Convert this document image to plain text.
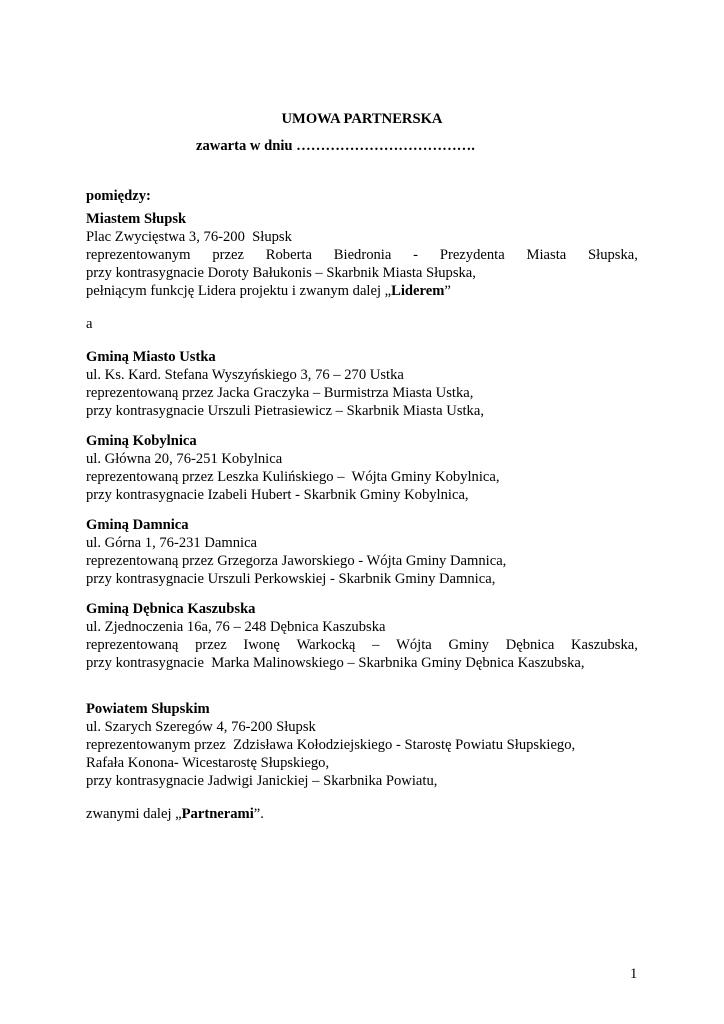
UMOWA PARTNERSKA
zawarta w dniu ……………………………….
pomiędzy:
Miastem Słupsk
Plac Zwycięstwa 3, 76-200  Słupsk
reprezentowanym przez Roberta Biedronia - Prezydenta Miasta Słupska,
przy kontrasygnacie Doroty Bałukonis – Skarbnik Miasta Słupska,
pełniącym funkcję Lidera projektu i zwanym dalej „Liderem”
a
Gminą Miasto Ustka
ul. Ks. Kard. Stefana Wyszyńskiego 3, 76 – 270 Ustka
reprezentowaną przez Jacka Graczyka – Burmistrza Miasta Ustka,
przy kontrasygnacie Urszuli Pietrasiewicz – Skarbnik Miasta Ustka,
Gminą Kobylnica
ul. Główna 20, 76-251 Kobylnica
reprezentowaną przez Leszka Kulińskiego –  Wójta Gminy Kobylnica,
przy kontrasygnacie Izabeli Hubert - Skarbnik Gminy Kobylnica,
Gminą Damnica
ul. Górna 1, 76-231 Damnica
reprezentowaną przez Grzegorza Jaworskiego - Wójta Gminy Damnica,
przy kontrasygnacie Urszuli Perkowskiej - Skarbnik Gminy Damnica,
Gminą Dębnica Kaszubska
ul. Zjednoczenia 16a, 76 – 248 Dębnica Kaszubska
reprezentowaną przez Iwonę Warkocką – Wójta Gminy Dębnica Kaszubska,
przy kontrasygnacie  Marka Malinowskiego – Skarbnika Gminy Dębnica Kaszubska,
Powiatem Słupskim
ul. Szarych Szeregów 4, 76-200 Słupsk
reprezentowanym przez  Zdzisława Kołodziejskiego - Starostę Powiatu Słupskiego,
Rafała Konona- Wicestarostę Słupskiego,
przy kontrasygnacie Jadwigi Janickiej – Skarbnika Powiatu,
zwanymi dalej „Partnerami”.
1
